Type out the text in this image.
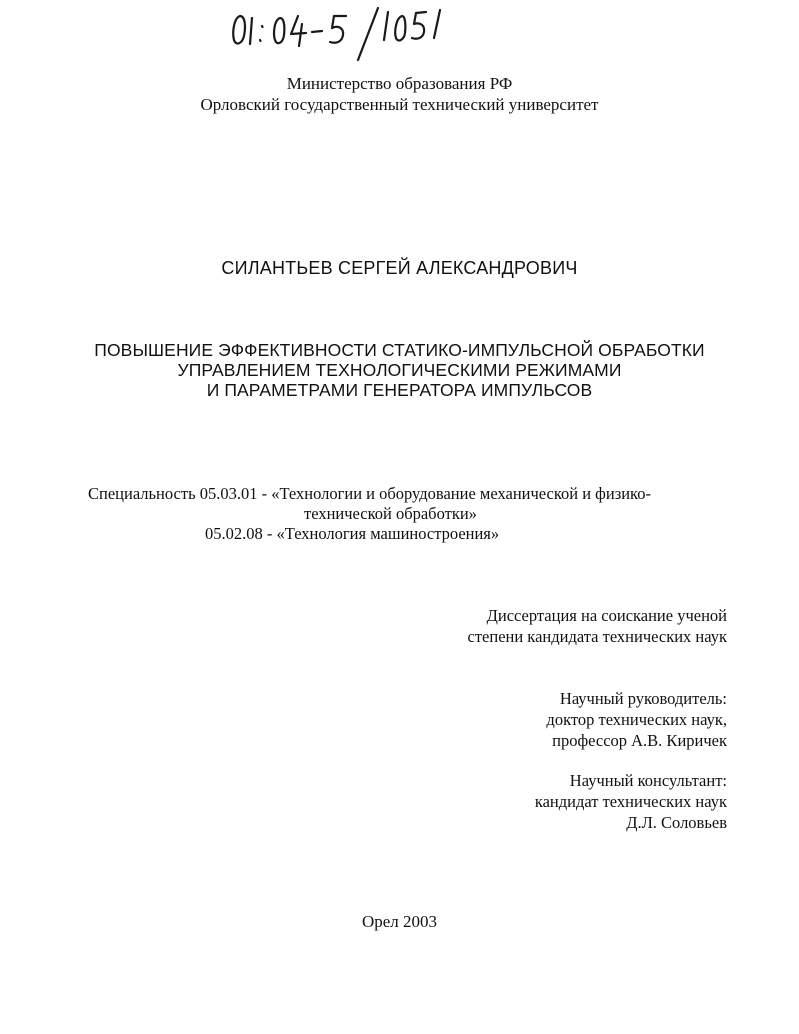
Министерство образования РФ
Орловский государственный технический университет
СИЛАНТЬЕВ СЕРГЕЙ АЛЕКСАНДРОВИЧ
ПОВЫШЕНИЕ ЭФФЕКТИВНОСТИ СТАТИКО-ИМПУЛЬСНОЙ ОБРАБОТКИ
УПРАВЛЕНИЕМ ТЕХНОЛОГИЧЕСКИМИ РЕЖИМАМИ
И ПАРАМЕТРАМИ ГЕНЕРАТОРА ИМПУЛЬСОВ
Специальность 05.03.01 - «Технологии и оборудование механической и физико-
технической обработки»
05.02.08 - «Технология машиностроения»
Диссертация на соискание ученой
степени кандидата технических наук
Научный руководитель:
доктор технических наук,
профессор А.В. Киричек
Научный консультант:
кандидат технических наук
Д.Л. Соловьев
Орел 2003
